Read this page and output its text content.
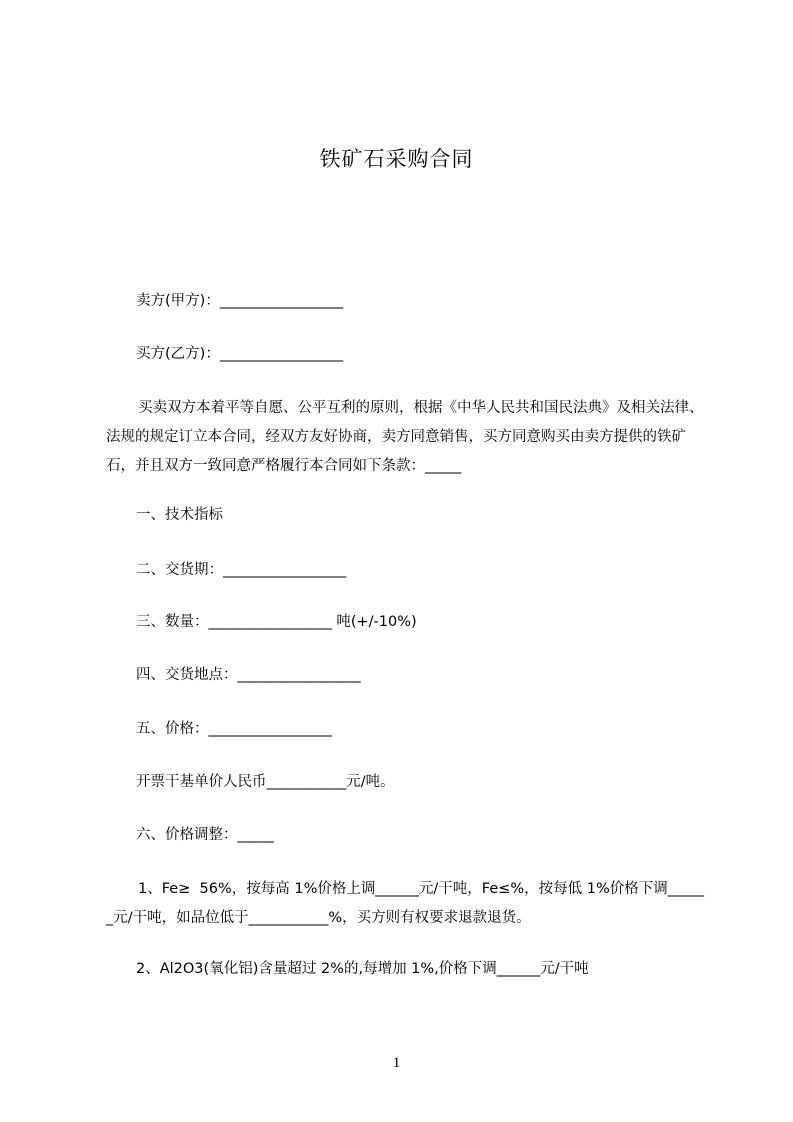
铁矿石采购合同
卖方(甲方)：_________________
买方(乙方)：_________________
买卖双方本着平等自愿、公平互利的原则，根据《中华人民共和国民法典》及相关法律、法规的规定订立本合同，经双方友好协商，卖方同意销售，买方同意购买由卖方提供的铁矿石，并且双方一致同意严格履行本合同如下条款：_____
一、技术指标
二、交货期：_________________
三、数量：_________________ 吨(+/-10%)
四、交货地点：_________________
五、价格：_________________
开票干基单价人民币___________元/吨。
六、价格调整：_____
1、Fe≥  56%，按每高 1%价格上调______元/干吨，Fe≤%，按每低 1%价格下调______元/干吨，如品位低于___________%，买方则有权要求退款退货。
2、Al2O3(氧化铝)含量超过 2%的,每增加 1%,价格下调______元/干吨
1
